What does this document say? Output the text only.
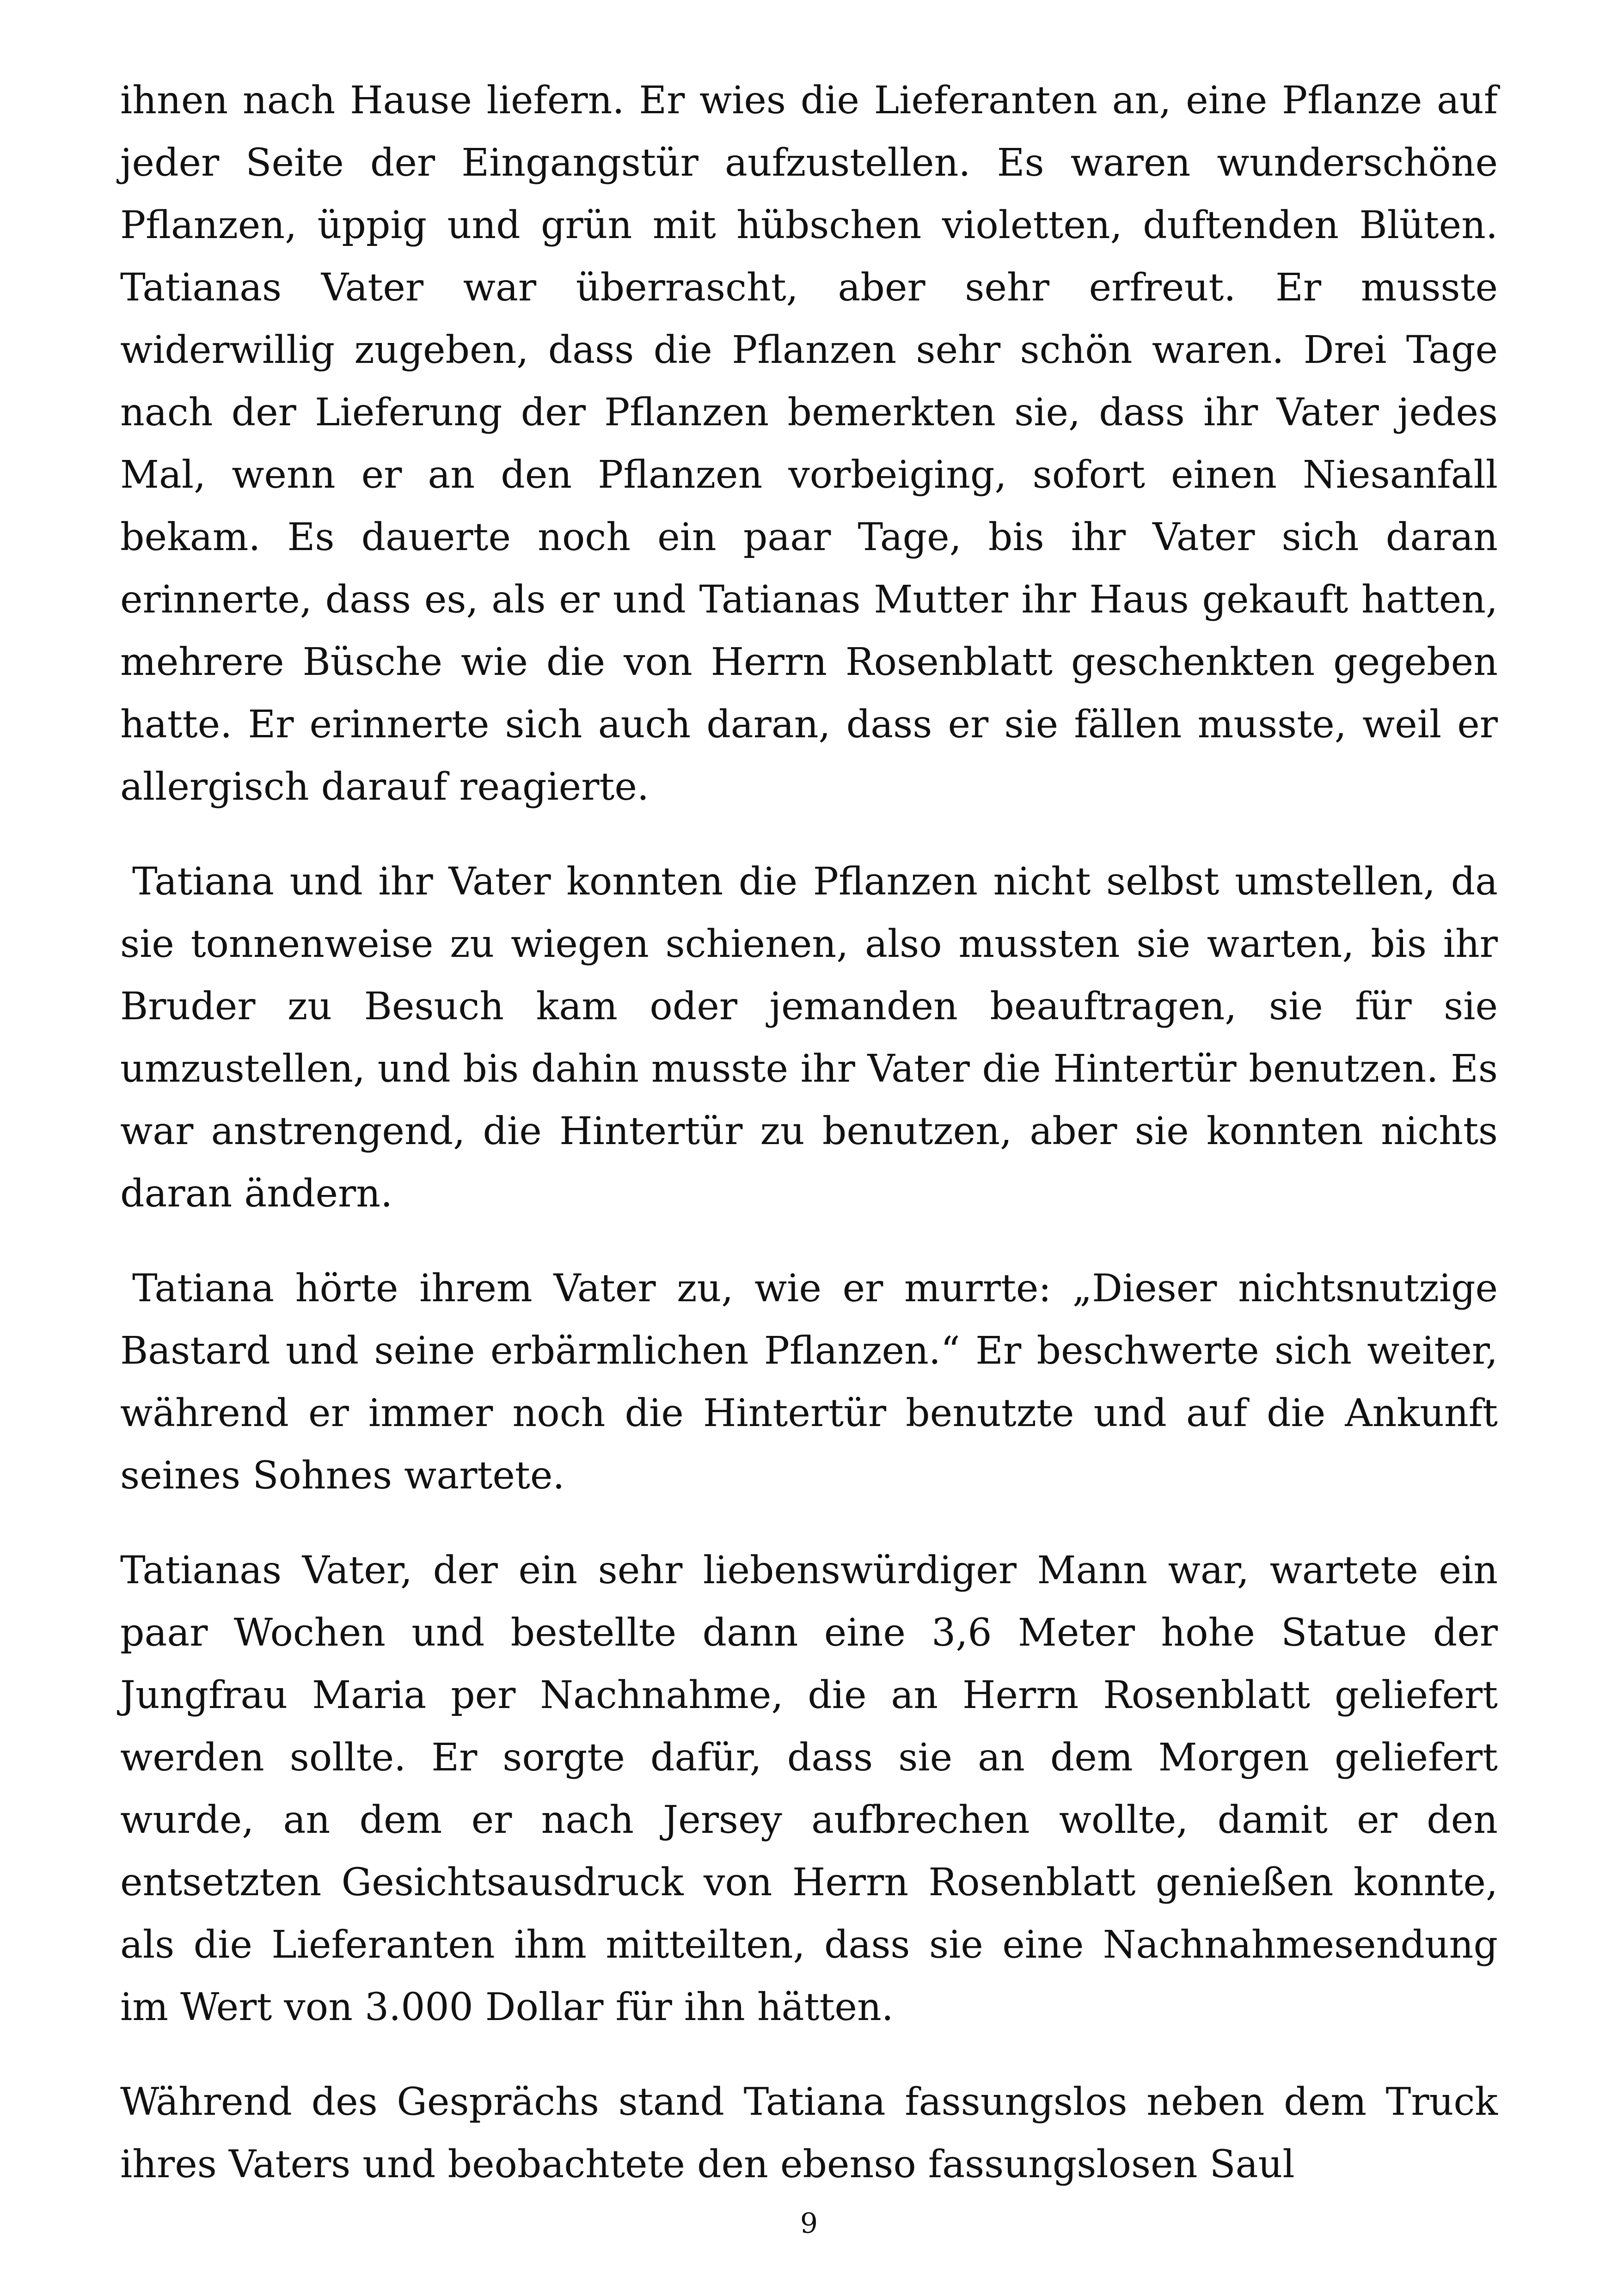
ihnen nach Hause liefern. Er wies die Lieferanten an, eine Pflanze auf jeder Seite der Eingangstür aufzustellen. Es waren wunderschöne Pflanzen, üppig und grün mit hübschen violetten, duftenden Blüten. Tatianas Vater war überrascht, aber sehr erfreut. Er musste widerwillig zugeben, dass die Pflanzen sehr schön waren. Drei Tage nach der Lieferung der Pflanzen bemerkten sie, dass ihr Vater jedes Mal, wenn er an den Pflanzen vorbeiging, sofort einen Niesanfall bekam. Es dauerte noch ein paar Tage, bis ihr Vater sich daran erinnerte, dass es, als er und Tatianas Mutter ihr Haus gekauft hatten, mehrere Büsche wie die von Herrn Rosenblatt geschenkten gegeben hatte. Er erinnerte sich auch daran, dass er sie fällen musste, weil er allergisch darauf reagierte.

Tatiana und ihr Vater konnten die Pflanzen nicht selbst umstellen, da sie tonnenweise zu wiegen schienen, also mussten sie warten, bis ihr Bruder zu Besuch kam oder jemanden beauftragen, sie für sie umzustellen, und bis dahin musste ihr Vater die Hintertür benutzen. Es war anstrengend, die Hintertür zu benutzen, aber sie konnten nichts daran ändern.

Tatiana hörte ihrem Vater zu, wie er murrte: „Dieser nichtsnutzige Bastard und seine erbärmlichen Pflanzen.“ Er beschwerte sich weiter, während er immer noch die Hintertür benutzte und auf die Ankunft seines Sohnes wartete.

Tatianas Vater, der ein sehr liebenswürdiger Mann war, wartete ein paar Wochen und bestellte dann eine 3,6 Meter hohe Statue der Jungfrau Maria per Nachnahme, die an Herrn Rosenblatt geliefert werden sollte. Er sorgte dafür, dass sie an dem Morgen geliefert wurde, an dem er nach Jersey aufbrechen wollte, damit er den entsetzten Gesichtsausdruck von Herrn Rosenblatt genießen konnte, als die Lieferanten ihm mitteilten, dass sie eine Nachnahmesendung im Wert von 3.000 Dollar für ihn hätten.

Während des Gesprächs stand Tatiana fassungslos neben dem Truck ihres Vaters und beobachtete den ebenso fassungslosen Saul

9
